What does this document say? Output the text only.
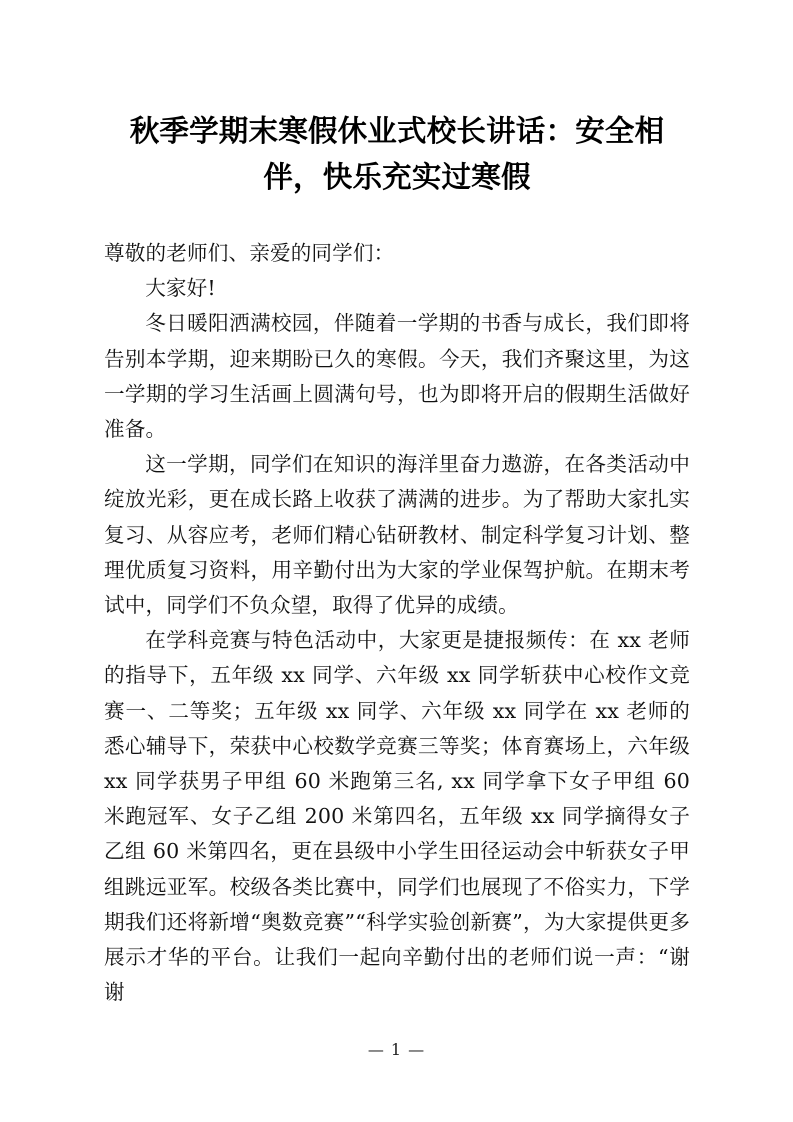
秋季学期末寒假休业式校长讲话：安全相伴，快乐充实过寒假

尊敬的老师们、亲爱的同学们：

大家好!

冬日暖阳洒满校园，伴随着一学期的书香与成长，我们即将告别本学期，迎来期盼已久的寒假。今天，我们齐聚这里，为这一学期的学习生活画上圆满句号，也为即将开启的假期生活做好准备。

这一学期，同学们在知识的海洋里奋力遨游，在各类活动中绽放光彩，更在成长路上收获了满满的进步。为了帮助大家扎实复习、从容应考，老师们精心钻研教材、制定科学复习计划、整理优质复习资料，用辛勤付出为大家的学业保驾护航。在期末考试中，同学们不负众望，取得了优异的成绩。

在学科竞赛与特色活动中，大家更是捷报频传：在 xx 老师的指导下，五年级 xx 同学、六年级 xx 同学斩获中心校作文竞赛一、二等奖；五年级 xx 同学、六年级 xx 同学在 xx 老师的悉心辅导下，荣获中心校数学竞赛三等奖；体育赛场上，六年级 xx 同学获男子甲组 60 米跑第三名, xx 同学拿下女子甲组 60 米跑冠军、女子乙组 200 米第四名，五年级 xx 同学摘得女子乙组 60 米第四名，更在县级中小学生田径运动会中斩获女子甲组跳远亚军。校级各类比赛中，同学们也展现了不俗实力，下学期我们还将新增“奥数竞赛”“科学实验创新赛”，为大家提供更多展示才华的平台。让我们一起向辛勤付出的老师们说一声：“谢谢

— 1 —
